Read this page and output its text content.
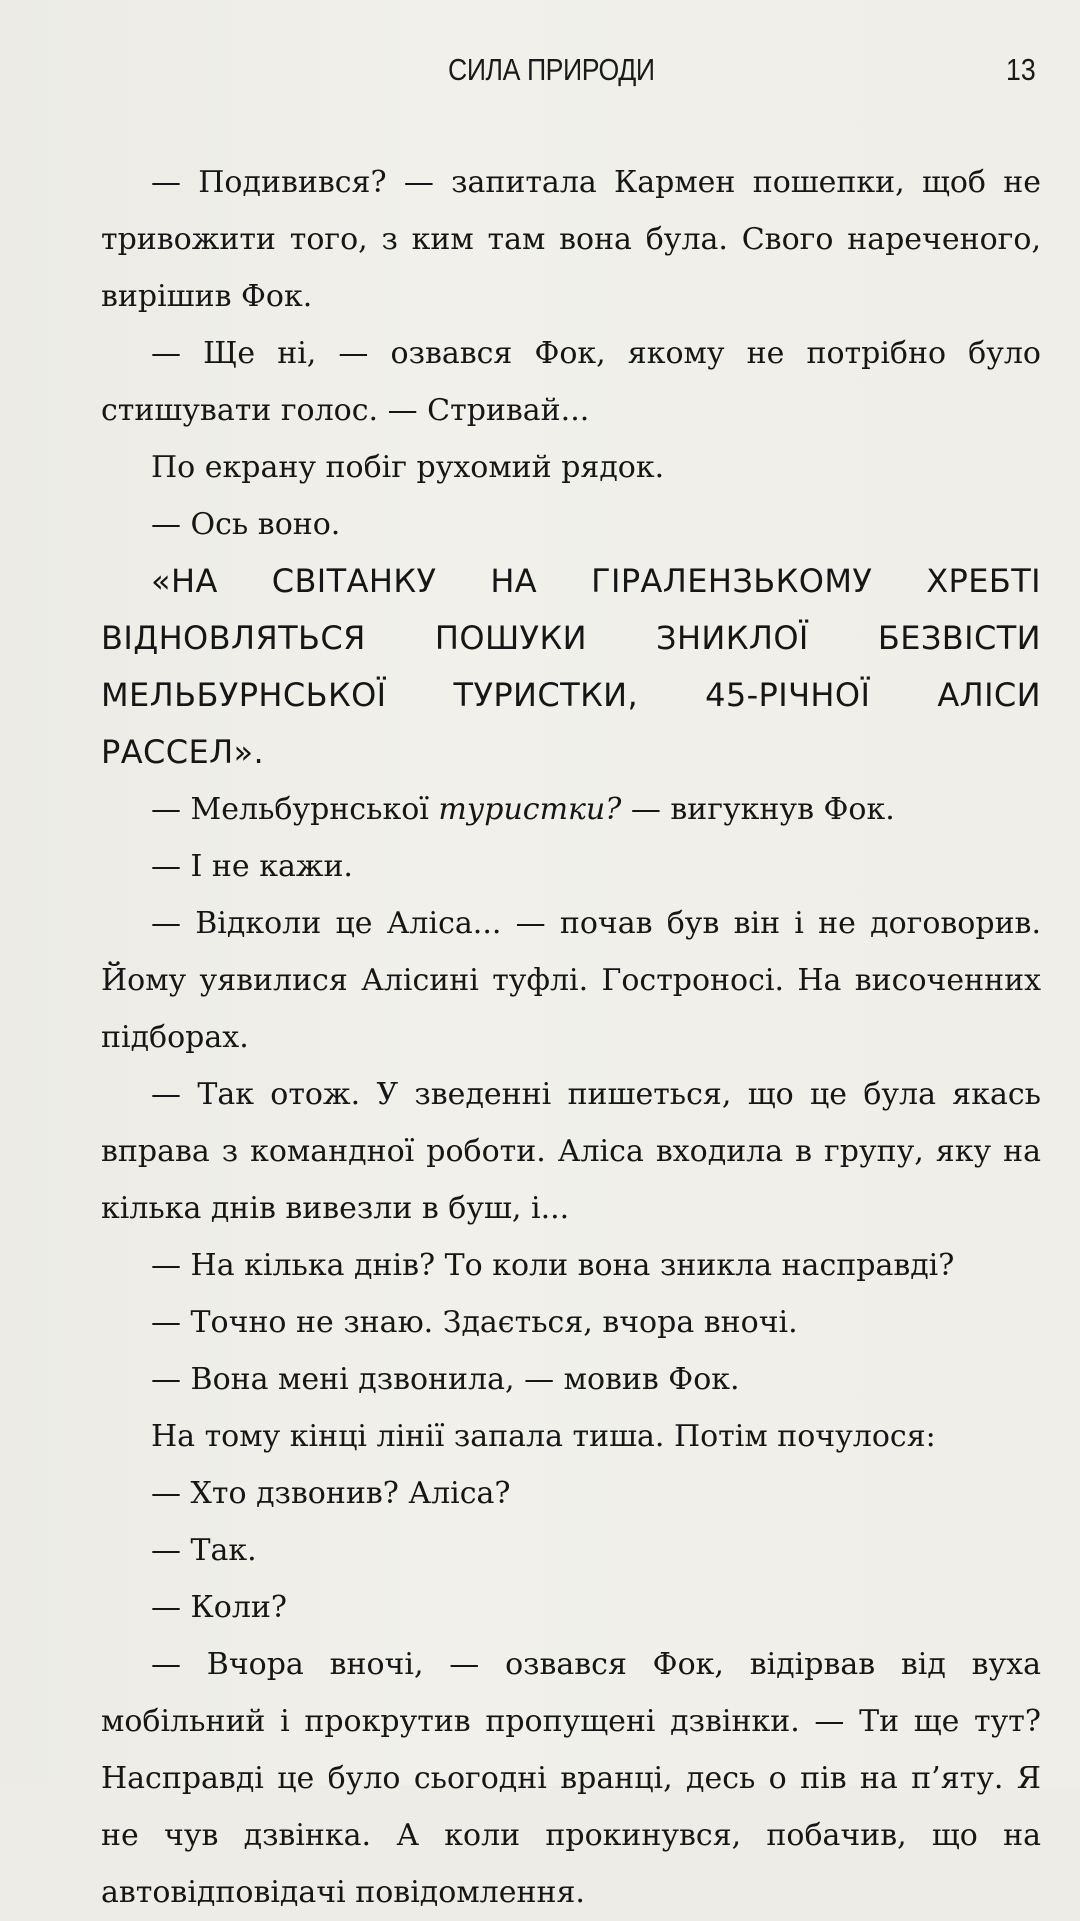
СИЛА ПРИРОДИ	13

— Подивився? — запитала Кармен пошепки, щоб не тривожити того, з ким там вона була. Свого нареченого, вирішив Фок.

— Ще ні, — озвався Фок, якому не потрібно було стишувати голос. — Стривай...

По екрану побіг рухомий рядок.

— Ось воно.

«НА СВІТАНКУ НА ГІРАЛЕНЗЬКОМУ ХРЕБТІ ВІДНОВЛЯТЬСЯ ПОШУКИ ЗНИКЛОЇ БЕЗВІСТИ МЕЛЬБУРНСЬКОЇ ТУРИСТКИ, 45-РІЧНОЇ АЛІСИ РАССЕЛ».

— Мельбурнської туристки? — вигукнув Фок.

— І не кажи.

— Відколи це Аліса... — почав був він і не договорив. Йому уявилися Алісині туфлі. Гостроносі. На височенних підборах.

— Так отож. У зведенні пишеться, що це була якась вправа з командної роботи. Аліса входила в групу, яку на кілька днів вивезли в буш, і...

— На кілька днів? То коли вона зникла насправді?

— Точно не знаю. Здається, вчора вночі.

— Вона мені дзвонила, — мовив Фок.

На тому кінці лінії запала тиша. Потім почулося:

— Хто дзвонив? Аліса?

— Так.

— Коли?

— Вчора вночі, — озвався Фок, відірвав від вуха мобільний і прокрутив пропущені дзвінки. — Ти ще тут? Насправді це було сьогодні вранці, десь о пів на п’яту. Я не чув дзвінка. А коли прокинувся, побачив, що на автовідповідачі повідомлення.
